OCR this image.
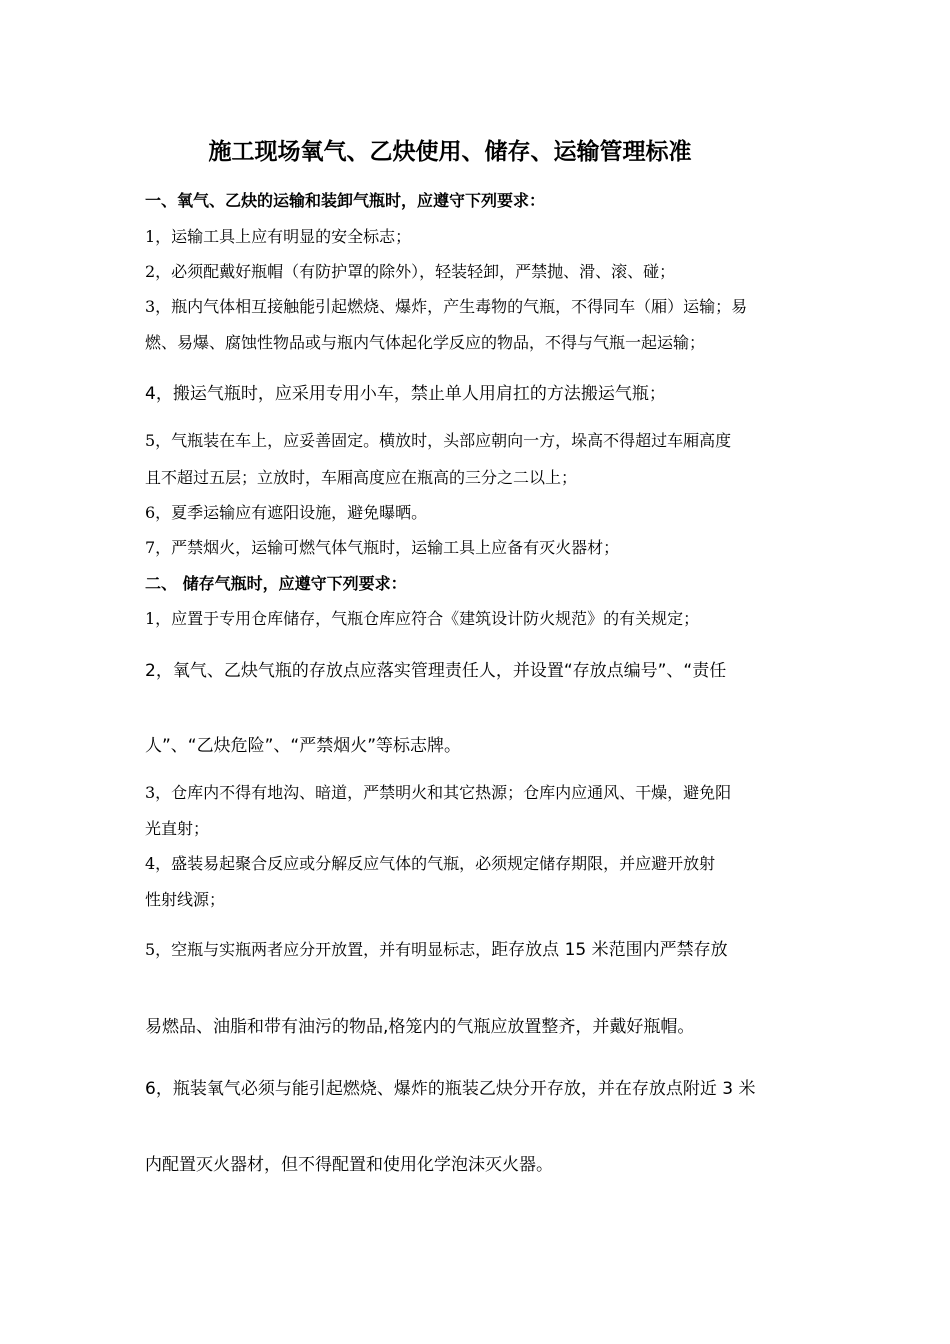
施工现场氧气、乙炔使用、储存、运输管理标准
一、氧气、乙炔的运输和装卸气瓶时，应遵守下列要求：
1，运输工具上应有明显的安全标志；
2，必须配戴好瓶帽（有防护罩的除外），轻装轻卸，严禁抛、滑、滚、碰；
3，瓶内气体相互接触能引起燃烧、爆炸，产生毒物的气瓶，不得同车（厢）运输；易
燃、易爆、腐蚀性物品或与瓶内气体起化学反应的物品，不得与气瓶一起运输；
4，搬运气瓶时，应采用专用小车，禁止单人用肩扛的方法搬运气瓶；
5，气瓶装在车上，应妥善固定。横放时，头部应朝向一方，垛高不得超过车厢高度
且不超过五层；立放时，车厢高度应在瓶高的三分之二以上；
6，夏季运输应有遮阳设施，避免曝晒。
7，严禁烟火，运输可燃气体气瓶时，运输工具上应备有灭火器材；
二、 储存气瓶时，应遵守下列要求：
1，应置于专用仓库储存，气瓶仓库应符合《建筑设计防火规范》的有关规定；
2，氧气、乙炔气瓶的存放点应落实管理责任人，并设置“存放点编号”、“责任
人”、“乙炔危险”、“严禁烟火”等标志牌。
3，仓库内不得有地沟、暗道，严禁明火和其它热源；仓库内应通风、干燥，避免阳
光直射；
4，盛装易起聚合反应或分解反应气体的气瓶，必须规定储存期限，并应避开放射
性射线源；
5，空瓶与实瓶两者应分开放置，并有明显标志，距存放点 15 米范围内严禁存放
易燃品、油脂和带有油污的物品,格笼内的气瓶应放置整齐，并戴好瓶帽。
6，瓶装氧气必须与能引起燃烧、爆炸的瓶装乙炔分开存放，并在存放点附近 3 米
内配置灭火器材，但不得配置和使用化学泡沫灭火器。
